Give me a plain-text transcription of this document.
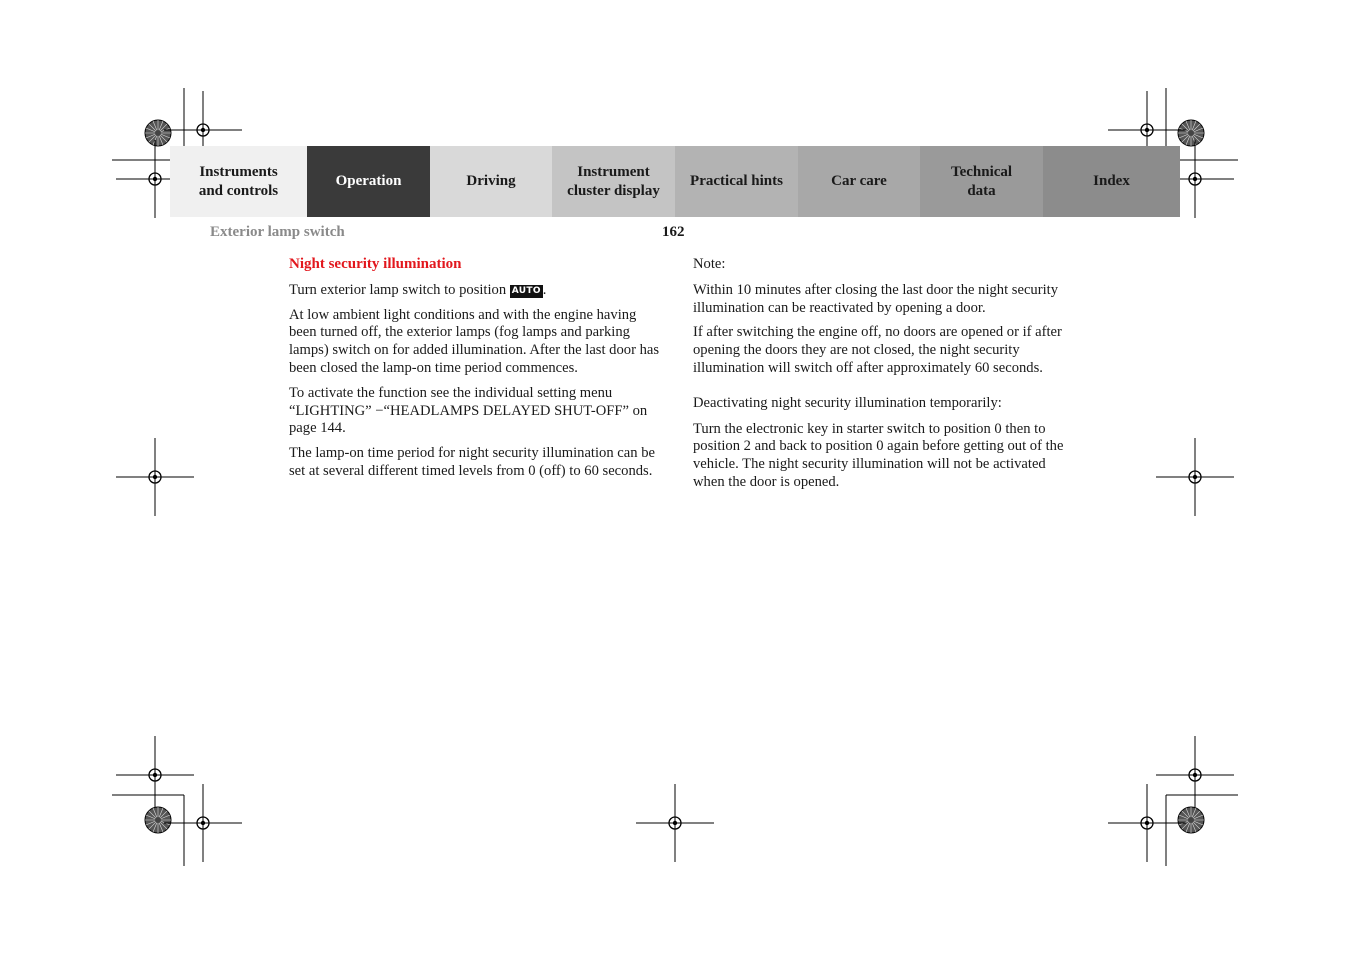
Instruments
and controls
Operation	Driving
Instrument
cluster display
Practical hints	Car care
Technical
data
Index
Exterior lamp switch	162

Night security illumination

Turn exterior lamp switch to position AUTO .

At low ambient light conditions and with the engine having been turned off, the exterior lamps (fog lamps and parking lamps) switch on for added illumination. After the last door has been closed the lamp-on time period commences.

To activate the function see the individual setting menu “LIGHTING” −“HEADLAMPS DELAYED SHUT-OFF” on page 144.

The lamp-on time period for night security illumination can be set at several different timed levels from 0 (off) to 60 seconds.

Note:

Within 10 minutes after closing the last door the night security illumination can be reactivated by opening a door.

If after switching the engine off, no doors are opened or if after opening the doors they are not closed, the night security illumination will switch off after approximately 60 seconds.

Deactivating night security illumination temporarily:

Turn the electronic key in starter switch to position 0 then to position 2 and back to position 0 again before getting out of the vehicle. The night security illumination will not be activated when the door is opened.
